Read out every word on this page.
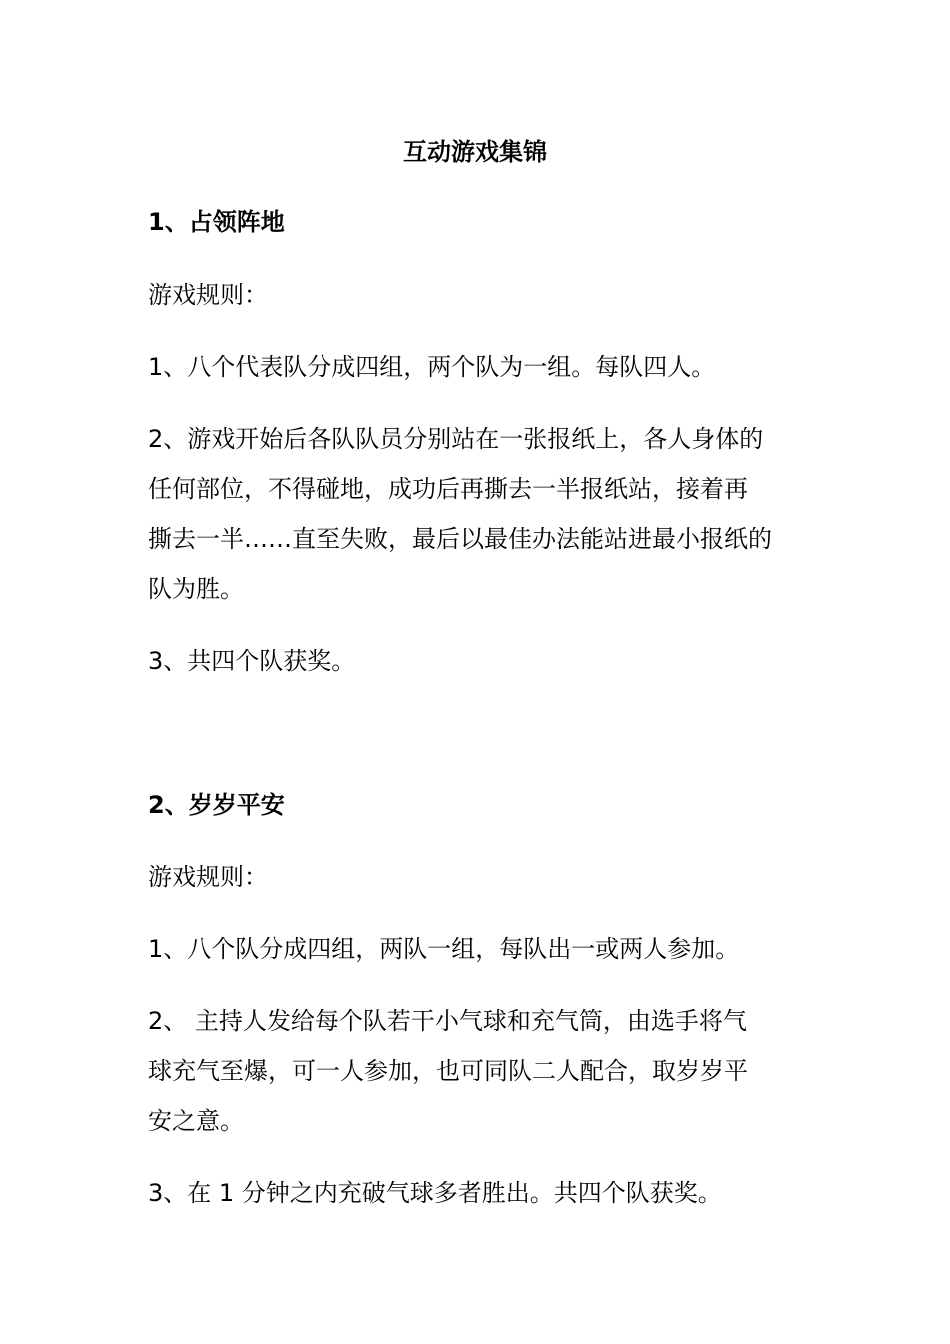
互动游戏集锦
1、占领阵地

游戏规则：

1、八个代表队分成四组，两个队为一组。每队四人。

2、游戏开始后各队队员分别站在一张报纸上，各人身体的
任何部位，不得碰地，成功后再撕去一半报纸站，接着再
撕去一半……直至失败，最后以最佳办法能站进最小报纸的
队为胜。

3、共四个队获奖。

2、岁岁平安

游戏规则：

1、八个队分成四组，两队一组，每队出一或两人参加。

2、 主持人发给每个队若干小气球和充气筒，由选手将气
球充气至爆，可一人参加，也可同队二人配合，取岁岁平
安之意。

3、在 1 分钟之内充破气球多者胜出。共四个队获奖。
